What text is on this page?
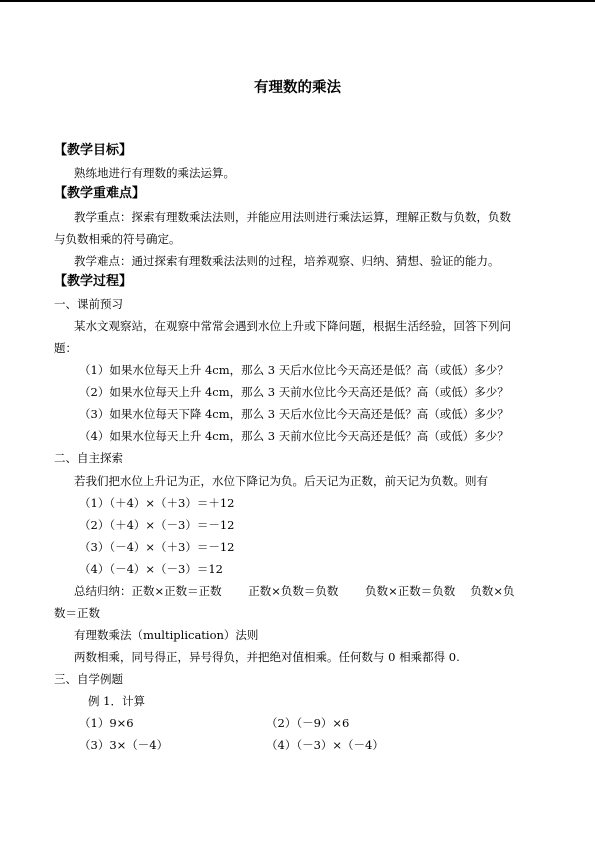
有理数的乘法
【教学目标】
熟练地进行有理数的乘法运算。
【教学重难点】
教学重点：探索有理数乘法法则，并能应用法则进行乘法运算，理解正数与负数，负数
与负数相乘的符号确定。
教学难点：通过探索有理数乘法法则的过程，培养观察、归纳、猜想、验证的能力。
【教学过程】
一、课前预习
某水文观察站，在观察中常常会遇到水位上升或下降问题，根据生活经验，回答下列问
题：
（1）如果水位每天上升 4cm，那么 3 天后水位比今天高还是低？高（或低）多少？
（2）如果水位每天上升 4cm，那么 3 天前水位比今天高还是低？高（或低）多少？
（3）如果水位每天下降 4cm，那么 3 天后水位比今天高还是低？高（或低）多少？
（4）如果水位每天上升 4cm，那么 3 天前水位比今天高还是低？高（或低）多少？
二、自主探索
若我们把水位上升记为正，水位下降记为负。后天记为正数，前天记为负数。则有
（1）（＋4）×（＋3）＝＋12
（2）（＋4）×（－3）＝－12
（3）（－4）×（＋3）＝－12
（4）（－4）×（－3）＝12
总结归纳：正数×正数＝正数　　 正数×负数＝负数　　 负数×正数＝负数　 负数×负
数＝正数
有理数乘法（multiplication）法则
两数相乘，同号得正，异号得负，并把绝对值相乘。任何数与 0 相乘都得 0.
三、自学例题
例 1．计算
（1）9×6	（2）（－9）×6
（3）3×（－4）	（4）（－3）×（－4）
